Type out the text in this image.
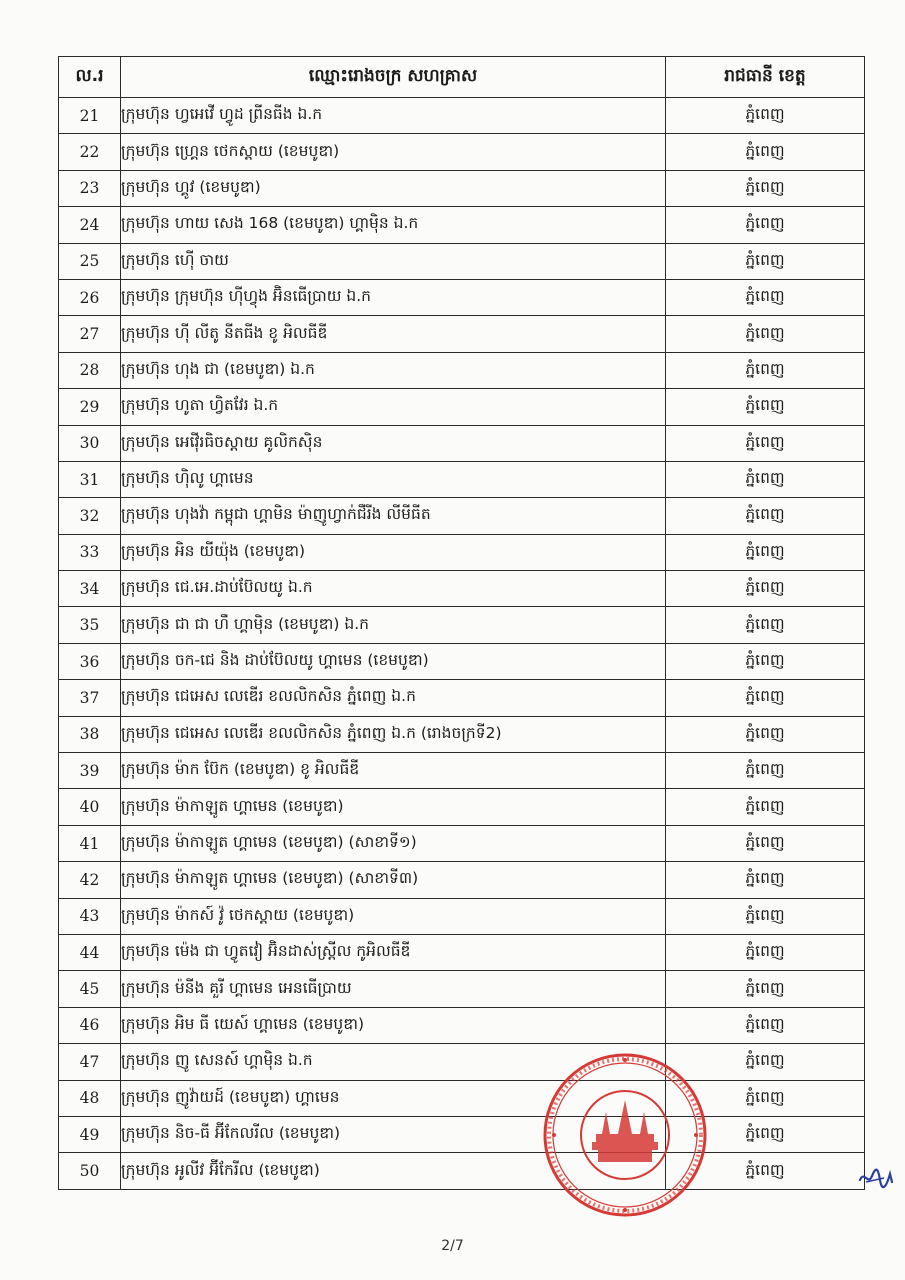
ល.រ	ឈ្មោះរោងចក្រ សហគ្រាស	រាជធានី ខេត្ត
21	ក្រុមហ៊ុន ហ្វអេវើ ហ្វូដ ព្រីនធីង ឯ.ក	ភ្នំពេញ
22	ក្រុមហ៊ុន ហ្គ្រេន ថេកស្តាយ (ខេមបូឌា)	ភ្នំពេញ
23	ក្រុមហ៊ុន ហ្គូវ (ខេមបូឌា)	ភ្នំពេញ
24	ក្រុមហ៊ុន ហាយ សេង 168 (ខេមបូឌា) ហ្គាម៉ិន ឯ.ក	ភ្នំពេញ
25	ក្រុមហ៊ុន ហ៊ើ ចាយ	ភ្នំពេញ
26	ក្រុមហ៊ុន ក្រុមហ៊ុន ហ៊ីហ្វុង អ៊ិនធើប្រាយ ឯ.ក	ភ្នំពេញ
27	ក្រុមហ៊ុន ហ៊ី លីតូ នីតធីង ខូ អិលធីឌី	ភ្នំពេញ
28	ក្រុមហ៊ុន ហុង ជា (ខេមបូឌា) ឯ.ក	ភ្នំពេញ
29	ក្រុមហ៊ុន ហូតា ហ្វិតវែរ ឯ.ក	ភ្នំពេញ
30	ក្រុមហ៊ុន អេវ៉ើរធិចស្តាយ គូលិកស៊ិន	ភ្នំពេញ
31	ក្រុមហ៊ុន ហ៊ិលូ ហ្គាមេន	ភ្នំពេញ
32	ក្រុមហ៊ុន ហុងវ៉ា កម្ពុជា ហ្គាមិន ម៉ាញូហ្វាក់ជឺរីង លីមីធីត	ភ្នំពេញ
33	ក្រុមហ៊ុន អិន យីយ៉ុង (ខេមបូឌា)	ភ្នំពេញ
34	ក្រុមហ៊ុន ជេ.អេ.ដាប់ប៊ែលយូ ឯ.ក	ភ្នំពេញ
35	ក្រុមហ៊ុន ជា ជា ហឺ ហ្គាម៉ិន (ខេមបូឌា) ឯ.ក	ភ្នំពេញ
36	ក្រុមហ៊ុន ចក-ជេ និង ដាប់ប៊ែលយូ ហ្គាមេន (ខេមបូឌា)	ភ្នំពេញ
37	ក្រុមហ៊ុន ជេអេស លេឌើរ ខលលិកសិន ភ្នំពេញ ឯ.ក	ភ្នំពេញ
38	ក្រុមហ៊ុន ជេអេស លេឌើរ ខលលិកសិន ភ្នំពេញ ឯ.ក (រោងចក្រទី2)	ភ្នំពេញ
39	ក្រុមហ៊ុន ម៉ាក ប៊ែក (ខេមបូឌា) ខូ អិលធីឌី	ភ្នំពេញ
40	ក្រុមហ៊ុន ម៉ាកាឡូត ហ្គាមេន (ខេមបូឌា)	ភ្នំពេញ
41	ក្រុមហ៊ុន ម៉ាកាឡូត ហ្គាមេន (ខេមបូឌា) (សាខាទី១)	ភ្នំពេញ
42	ក្រុមហ៊ុន ម៉ាកាឡូត ហ្គាមេន (ខេមបូឌា) (សាខាទី៣)	ភ្នំពេញ
43	ក្រុមហ៊ុន ម៉ាកស៍ វ៉ូ ថេកស្តាយ (ខេមបូឌា)	ភ្នំពេញ
44	ក្រុមហ៊ុន ម៉េង ជា ហ្វូតវៀ អ៊ិនដាស់ស្ត្រីល កូអិលធីឌី	ភ្នំពេញ
45	ក្រុមហ៊ុន ម៉នីង គួរី ហ្គាមេន អេនធើប្រាយ	ភ្នំពេញ
46	ក្រុមហ៊ុន អិម ធី យេស៍ ហ្គាមេន (ខេមបូឌា)	ភ្នំពេញ
47	ក្រុមហ៊ុន ញូ សេនស៍ ហ្គាម៉ិន ឯ.ក	ភ្នំពេញ
48	ក្រុមហ៊ុន ញូវ៉ាយដ៍ (ខេមបូឌា) ហ្គាមេន	ភ្នំពេញ
49	ក្រុមហ៊ុន និច-ធី អ៊ីកែលរីល (ខេមបូឌា)	ភ្នំពេញ
50	ក្រុមហ៊ុន អូលីវ អ៊ីកែរីល (ខេមបូឌា)	ភ្នំពេញ
2/7
